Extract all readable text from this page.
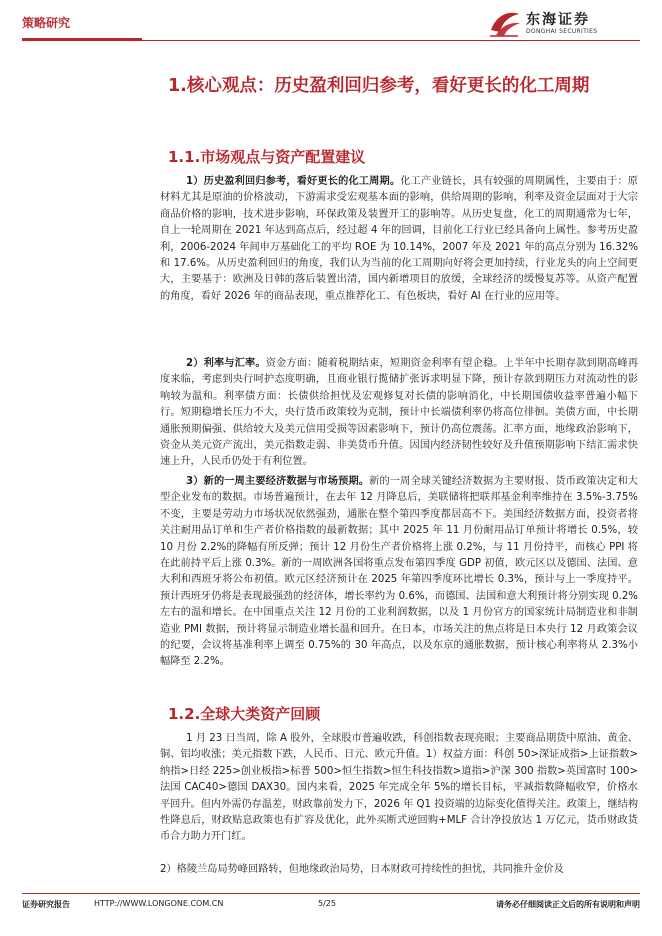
策略研究	东海证券
DONGHAI SECURITIES
1.核心观点：历史盈利回归参考，看好更长的化工周期
1.1.市场观点与资产配置建议
1）历史盈利回归参考，看好更长的化工周期。化工产业链长，具有较强的周期属性，主要由于：原材料尤其是原油的价格波动，下游需求受宏观基本面的影响，供给周期的影响，利率及资金层面对于大宗商品价格的影响，技术进步影响，环保政策及装置开工的影响等。从历史复盘，化工的周期通常为七年，自上一轮周期在 2021 年达到高点后，经过超 4 年的回调，目前化工行业已经具备向上属性。参考历史盈利，2006-2024 年间申万基础化工的平均 ROE 为 10.14%，2007 年及 2021 年的高点分别为 16.32%和 17.6%。从历史盈利回归的角度，我们认为当前的化工周期向好将会更加持续，行业龙头的向上空间更大，主要基于：欧洲及日韩的落后装置出清，国内新增项目的放缓，全球经济的缓慢复苏等。从资产配置的角度，看好 2026 年的商品表现，重点推荐化工、有色板块，看好 AI 在行业的应用等。
2）利率与汇率。资金方面：随着税期结束，短期资金利率有望企稳。上半年中长期存款到期高峰再度来临，考虑到央行呵护态度明确，且商业银行揽储扩张诉求明显下降，预计存款到期压力对流动性的影响较为温和。利率债方面：长债供给担忧及宏观修复对长债的影响消化，中长期国债收益率普遍小幅下行。短期稳增长压力不大，央行货币政策较为克制，预计中长端债利率仍将高位徘徊。美债方面，中长期通胀预期偏强、供给较大及美元信用受损等因素影响下，预计仍高位震荡。汇率方面，地缘政治影响下，资金从美元资产流出，美元指数走弱、非美货币升值。因国内经济韧性较好及升值预期影响下结汇需求快速上升，人民币仍处于有利位置。
3）新的一周主要经济数据与市场预期。新的一周全球关键经济数据为主要财报、货币政策决定和大型企业发布的数据。市场普遍预计，在去年 12 月降息后，美联储将把联邦基金利率维持在 3.5%-3.75%不变，主要是劳动力市场状况依然强劲，通胀在整个第四季度都居高不下。美国经济数据方面，投资者将关注耐用品订单和生产者价格指数的最新数据；其中 2025 年 11 月份耐用品订单预计将增长 0.5%，较 10 月份 2.2%的降幅有所反弹；预计 12 月份生产者价格将上涨 0.2%，与 11 月份持平，而核心 PPI 将在此前持平后上涨 0.3%。新的一周欧洲各国将重点发布第四季度 GDP 初值，欧元区以及德国、法国、意大利和西班牙将公布初值。欧元区经济预计在 2025 年第四季度环比增长 0.3%，预计与上一季度持平。预计西班牙仍将是表现最强劲的经济体，增长率约为 0.6%，而德国、法国和意大利预计将分别实现 0.2%左右的温和增长。在中国重点关注 12 月份的工业利润数据，以及 1 月份官方的国家统计局制造业和非制造业 PMI 数据，预计将显示制造业增长温和回升。在日本，市场关注的焦点将是日本央行 12 月政策会议的纪要，会议将基准利率上调至 0.75%的 30 年高点，以及东京的通胀数据，预计核心利率将从 2.3%小幅降至 2.2%。
1.2.全球大类资产回顾
1 月 23 日当周，除 A 股外，全球股市普遍收跌，科创指数表现亮眼；主要商品期货中原油、黄金、铜、铝均收涨；美元指数下跌，人民币、日元、欧元升值。1）权益方面：科创 50>深证成指>上证指数>纳指>日经 225>创业板指>标普 500>恒生指数>恒生科技指数>道指>沪深 300 指数>英国富时 100>法国 CAC40>德国 DAX30。国内来看，2025 年完成全年 5%的增长目标，平减指数降幅收窄，价格水平回升。但内外需仍存温差，财政靠前发力下，2026 年 Q1 投资端的边际变化值得关注。政策上，继结构性降息后，财政贴息政策也有扩容及优化，此外买断式逆回购+MLF 合计净投放达 1 万亿元，货币财政货币合力助力开门红。
2）格陵兰岛局势峰回路转，但地缘政治局势，日本财政可持续性的担忧，共同推升金价及
证券研究报告	HTTP://WWW.LONGONE.COM.CN	5/25	请务必仔细阅读正文后的所有说明和声明
